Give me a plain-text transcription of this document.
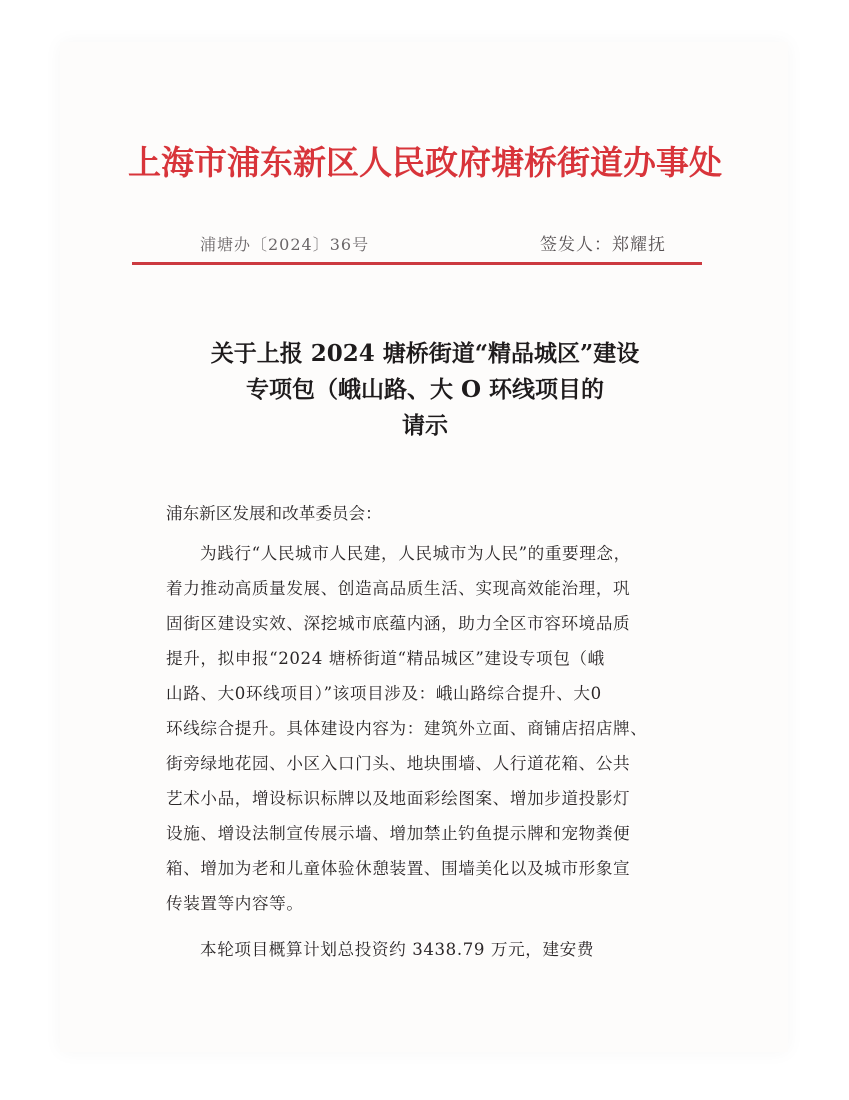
上海市浦东新区人民政府塘桥街道办事处
浦塘办〔2024〕36号	签发人：郑耀抚
关于上报 2024 塘桥街道“精品城区”建设
专项包（峨山路、大 O 环线项目的
请示
浦东新区发展和改革委员会：
为践行“人民城市人民建，人民城市为人民”的重要理念，
着力推动高质量发展、创造高品质生活、实现高效能治理，巩
固街区建设实效、深挖城市底蕴内涵，助力全区市容环境品质
提升，拟申报“2024 塘桥街道“精品城区”建设专项包（峨
山路、大0环线项目）”该项目涉及：峨山路综合提升、大0
环线综合提升。具体建设内容为：建筑外立面、商铺店招店牌、
街旁绿地花园、小区入口门头、地块围墙、人行道花箱、公共
艺术小品，增设标识标牌以及地面彩绘图案、增加步道投影灯
设施、增设法制宣传展示墙、增加禁止钓鱼提示牌和宠物粪便
箱、增加为老和儿童体验休憩装置、围墙美化以及城市形象宣
传装置等内容等。
本轮项目概算计划总投资约 3438.79 万元，建安费
